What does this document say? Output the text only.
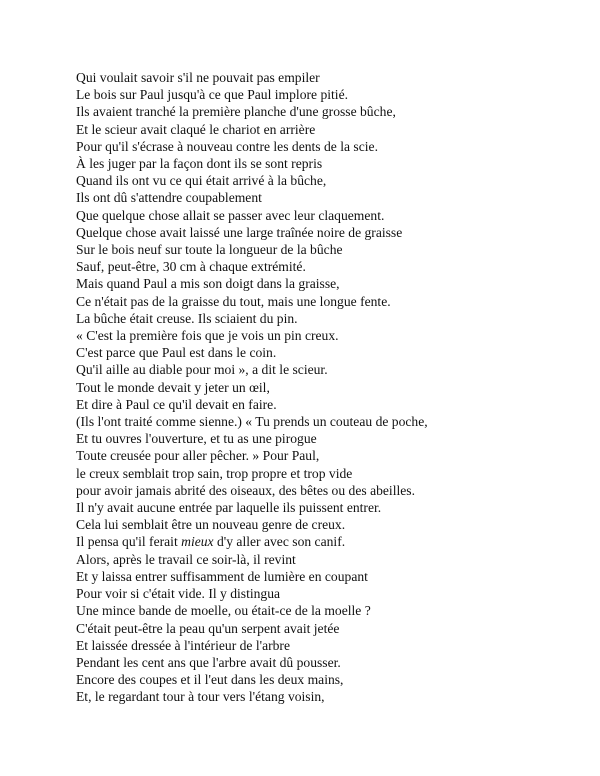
Qui voulait savoir s'il ne pouvait pas empiler
Le bois sur Paul jusqu'à ce que Paul implore pitié.
Ils avaient tranché la première planche d'une grosse bûche,
Et le scieur avait claqué le chariot en arrière
Pour qu'il s'écrase à nouveau contre les dents de la scie.
À les juger par la façon dont ils se sont repris
Quand ils ont vu ce qui était arrivé à la bûche,
Ils ont dû s'attendre coupablement
Que quelque chose allait se passer avec leur claquement.
Quelque chose avait laissé une large traînée noire de graisse
Sur le bois neuf sur toute la longueur de la bûche
Sauf, peut-être, 30 cm à chaque extrémité.
Mais quand Paul a mis son doigt dans la graisse,
Ce n'était pas de la graisse du tout, mais une longue fente.
La bûche était creuse. Ils sciaient du pin.
« C'est la première fois que je vois un pin creux.
C'est parce que Paul est dans le coin.
Qu'il aille au diable pour moi », a dit le scieur.
Tout le monde devait y jeter un œil,
Et dire à Paul ce qu'il devait en faire.
(Ils l'ont traité comme sienne.) « Tu prends un couteau de poche,
Et tu ouvres l'ouverture, et tu as une pirogue
Toute creusée pour aller pêcher. » Pour Paul,
le creux semblait trop sain, trop propre et trop vide
pour avoir jamais abrité des oiseaux, des bêtes ou des abeilles.
Il n'y avait aucune entrée par laquelle ils puissent entrer.
Cela lui semblait être un nouveau genre de creux.
Il pensa qu'il ferait mieux d'y aller avec son canif.
Alors, après le travail ce soir-là, il revint
Et y laissa entrer suffisamment de lumière en coupant
Pour voir si c'était vide. Il y distingua
Une mince bande de moelle, ou était-ce de la moelle ?
C'était peut-être la peau qu'un serpent avait jetée
Et laissée dressée à l'intérieur de l'arbre
Pendant les cent ans que l'arbre avait dû pousser.
Encore des coupes et il l'eut dans les deux mains,
Et, le regardant tour à tour vers l'étang voisin,
